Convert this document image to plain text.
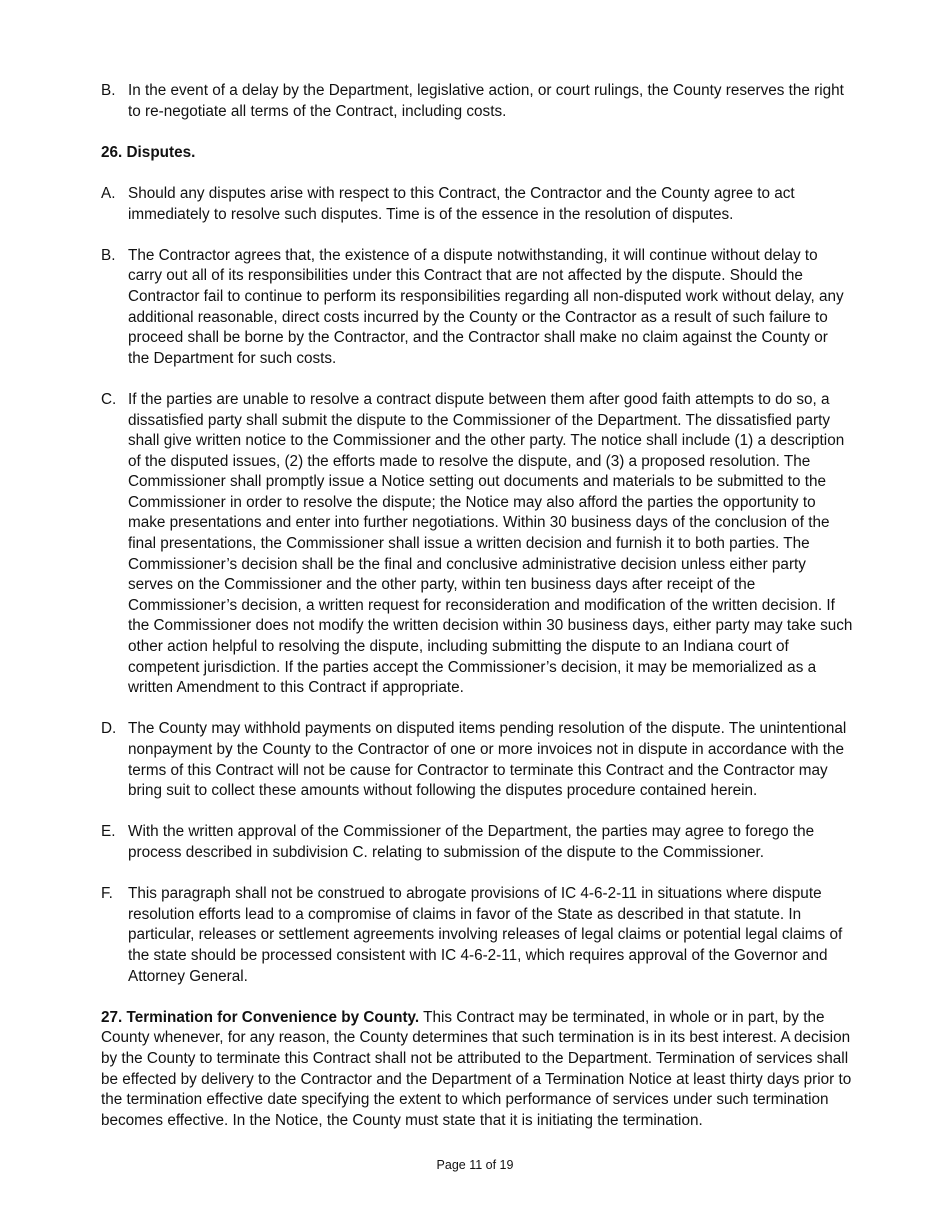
B. In the event of a delay by the Department, legislative action, or court rulings, the County reserves the right to re-negotiate all terms of the Contract, including costs.
26. Disputes.
A. Should any disputes arise with respect to this Contract, the Contractor and the County agree to act immediately to resolve such disputes. Time is of the essence in the resolution of disputes.
B. The Contractor agrees that, the existence of a dispute notwithstanding, it will continue without delay to carry out all of its responsibilities under this Contract that are not affected by the dispute. Should the Contractor fail to continue to perform its responsibilities regarding all non-disputed work without delay, any additional reasonable, direct costs incurred by the County or the Contractor as a result of such failure to proceed shall be borne by the Contractor, and the Contractor shall make no claim against the County or the Department for such costs.
C. If the parties are unable to resolve a contract dispute between them after good faith attempts to do so, a dissatisfied party shall submit the dispute to the Commissioner of the Department. The dissatisfied party shall give written notice to the Commissioner and the other party. The notice shall include (1) a description of the disputed issues, (2) the efforts made to resolve the dispute, and (3) a proposed resolution. The Commissioner shall promptly issue a Notice setting out documents and materials to be submitted to the Commissioner in order to resolve the dispute; the Notice may also afford the parties the opportunity to make presentations and enter into further negotiations. Within 30 business days of the conclusion of the final presentations, the Commissioner shall issue a written decision and furnish it to both parties. The Commissioner’s decision shall be the final and conclusive administrative decision unless either party serves on the Commissioner and the other party, within ten business days after receipt of the Commissioner’s decision, a written request for reconsideration and modification of the written decision. If the Commissioner does not modify the written decision within 30 business days, either party may take such other action helpful to resolving the dispute, including submitting the dispute to an Indiana court of competent jurisdiction. If the parties accept the Commissioner’s decision, it may be memorialized as a written Amendment to this Contract if appropriate.
D. The County may withhold payments on disputed items pending resolution of the dispute. The unintentional nonpayment by the County to the Contractor of one or more invoices not in dispute in accordance with the terms of this Contract will not be cause for Contractor to terminate this Contract and the Contractor may bring suit to collect these amounts without following the disputes procedure contained herein.
E. With the written approval of the Commissioner of the Department, the parties may agree to forego the process described in subdivision C. relating to submission of the dispute to the Commissioner.
F. This paragraph shall not be construed to abrogate provisions of IC 4-6-2-11 in situations where dispute resolution efforts lead to a compromise of claims in favor of the State as described in that statute. In particular, releases or settlement agreements involving releases of legal claims or potential legal claims of the state should be processed consistent with IC 4-6-2-11, which requires approval of the Governor and Attorney General.

27. Termination for Convenience by County. This Contract may be terminated, in whole or in part, by the County whenever, for any reason, the County determines that such termination is in its best interest. A decision by the County to terminate this Contract shall not be attributed to the Department. Termination of services shall be effected by delivery to the Contractor and the Department of a Termination Notice at least thirty days prior to the termination effective date specifying the extent to which performance of services under such termination becomes effective. In the Notice, the County must state that it is initiating the termination.

Page 11 of 19
